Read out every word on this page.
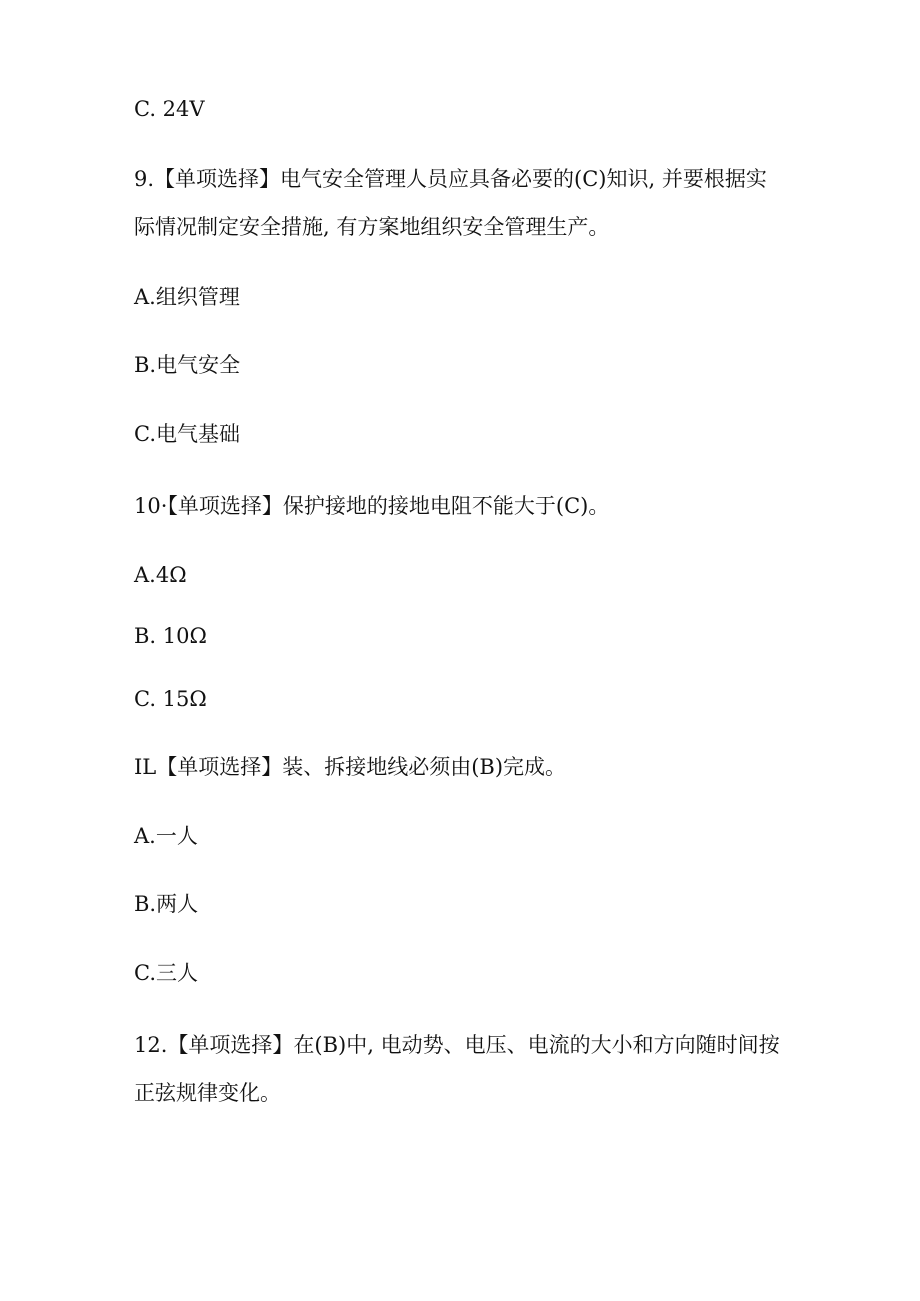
C. 24V
9.【单项选择】电气安全管理人员应具备必要的(C)知识, 并要根据实
际情况制定安全措施, 有方案地组织安全管理生产。
A.组织管理
B.电气安全
C.电气基础
10·【单项选择】保护接地的接地电阻不能大于(C)。
A.4Ω
B. 10Ω
C. 15Ω
IL【单项选择】装、拆接地线必须由(B)完成。
A.一人
B.两人
C.三人
12.【单项选择】在(B)中, 电动势、电压、电流的大小和方向随时间按
正弦规律变化。
